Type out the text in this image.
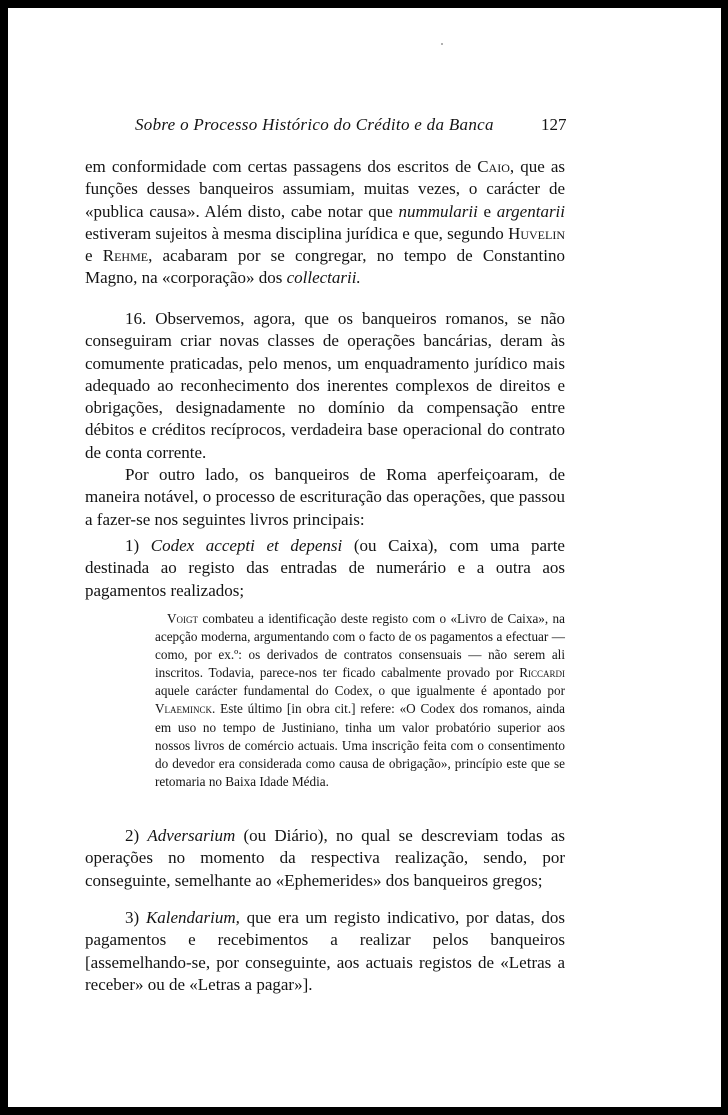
Sobre o Processo Histórico do Crédito e da Banca	127

em conformidade com certas passagens dos escritos de Caio, que as funções desses banqueiros assumiam, muitas vezes, o carácter de «publica causa». Além disto, cabe notar que nummularii e argentarii estiveram sujeitos à mesma disciplina jurídica e que, segundo Huvelin e Rehme, acabaram por se congregar, no tempo de Constantino Magno, na «corporação» dos collectarii.

16. Observemos, agora, que os banqueiros romanos, se não conseguiram criar novas classes de operações bancárias, deram às comumente praticadas, pelo menos, um enquadramento jurídico mais adequado ao reconhecimento dos inerentes complexos de direitos e obrigações, designadamente no domínio da compensação entre débitos e créditos recíprocos, verdadeira base operacional do contrato de conta corrente.

Por outro lado, os banqueiros de Roma aperfeiçoaram, de maneira notável, o processo de escrituração das operações, que passou a fazer-se nos seguintes livros principais:

1) Codex accepti et depensi (ou Caixa), com uma parte destinada ao registo das entradas de numerário e a outra aos pagamentos realizados;

Voigt combateu a identificação deste registo com o «Livro de Caixa», na acepção moderna, argumentando com o facto de os pagamentos a efectuar — como, por ex.º: os derivados de contratos consensuais — não serem ali inscritos. Todavia, parece-nos ter ficado cabalmente provado por Riccardi aquele carácter fundamental do Codex, o que igualmente é apontado por Vlaeminck. Este último [in obra cit.] refere: «O Codex dos romanos, ainda em uso no tempo de Justiniano, tinha um valor probatório superior aos nossos livros de comércio actuais. Uma inscrição feita com o consentimento do devedor era considerada como causa de obrigação», princípio este que se retomaria no Baixa Idade Média.

2) Adversarium (ou Diário), no qual se descreviam todas as operações no momento da respectiva realização, sendo, por conseguinte, semelhante ao «Ephemerides» dos banqueiros gregos;

3) Kalendarium, que era um registo indicativo, por datas, dos pagamentos e recebimentos a realizar pelos banqueiros [assemelhando-se, por conseguinte, aos actuais registos de «Letras a receber» ou de «Letras a pagar»].
